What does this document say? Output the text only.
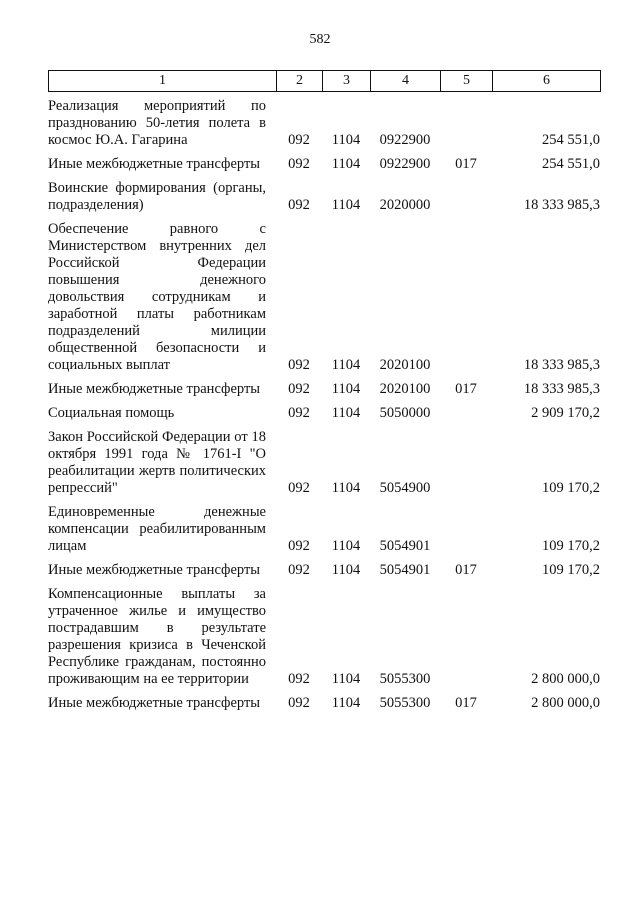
582
1	2	3	4	5	6
Реализация мероприятий по празднованию 50-летия полета в космос Ю.А. Гагарина	092	1104	0922900		254 551,0
Иные межбюджетные трансферты	092	1104	0922900	017	254 551,0
Воинские формирования (органы, подразделения)	092	1104	2020000		18 333 985,3
Обеспечение равного с Министерством внутренних дел Российской Федерации повышения денежного довольствия сотрудникам и заработной платы работникам подразделений милиции общественной безопасности и социальных выплат	092	1104	2020100		18 333 985,3
Иные межбюджетные трансферты	092	1104	2020100	017	18 333 985,3
Социальная помощь	092	1104	5050000		2 909 170,2
Закон Российской Федерации от 18 октября 1991 года № 1761-I "О реабилитации жертв политических репрессий"	092	1104	5054900		109 170,2
Единовременные денежные компенсации реабилитированным лицам	092	1104	5054901		109 170,2
Иные межбюджетные трансферты	092	1104	5054901	017	109 170,2
Компенсационные выплаты за утраченное жилье и имущество пострадавшим в результате разрешения кризиса в Чеченской Республике гражданам, постоянно проживающим на ее территории	092	1104	5055300		2 800 000,0
Иные межбюджетные трансферты	092	1104	5055300	017	2 800 000,0
